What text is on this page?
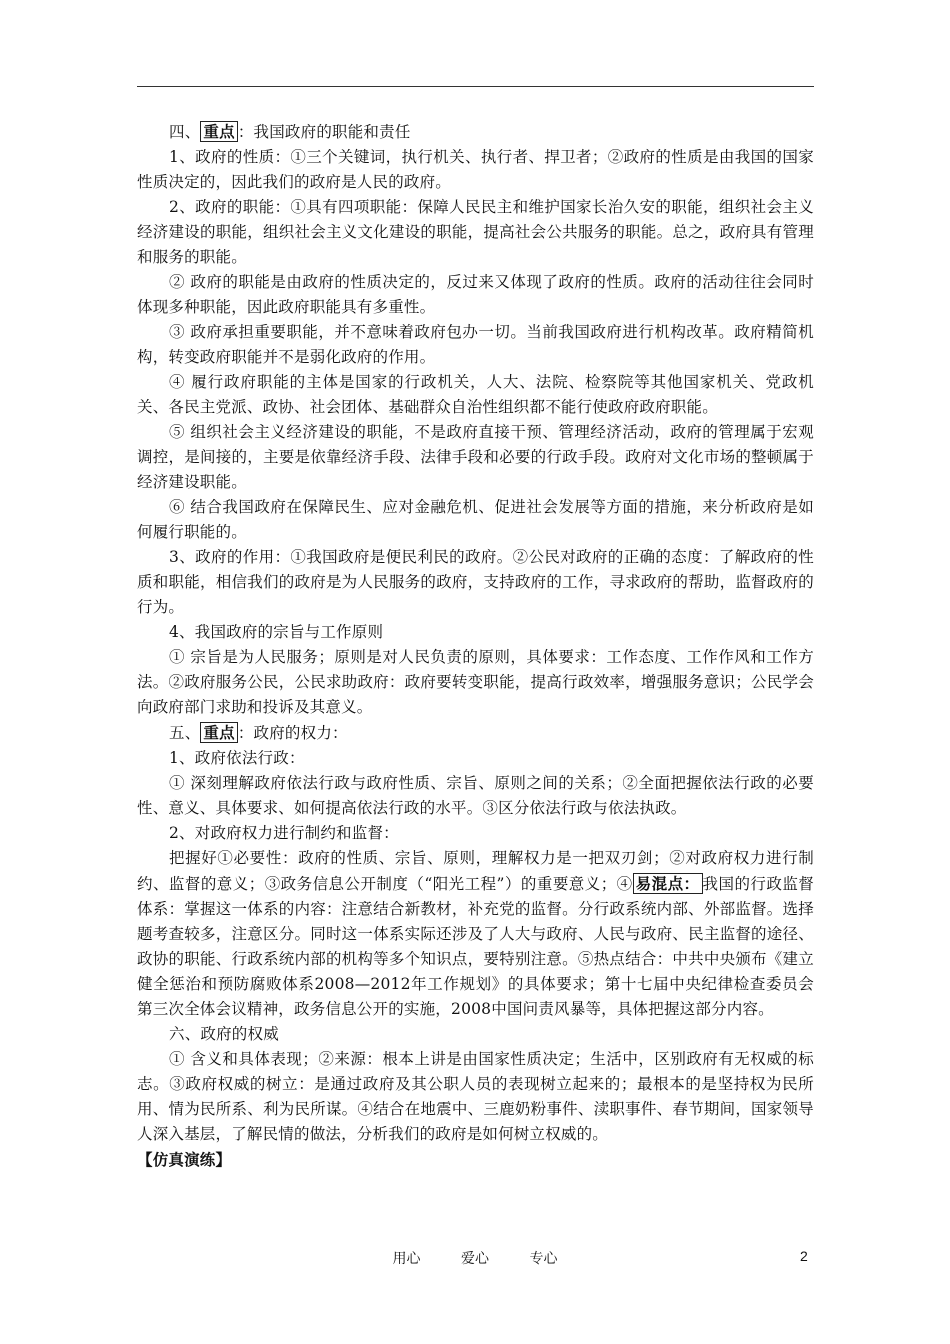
四、 重点 ：我国政府的职能和责任

1、政府的性质：①三个关键词，执行机关、执行者、捍卫者；②政府的性质是由我国的国家性质决定的，因此我们的政府是人民的政府。

2、政府的职能：①具有四项职能：保障人民民主和维护国家长治久安的职能，组织社会主义经济建设的职能，组织社会主义文化建设的职能，提高社会公共服务的职能。总之，政府具有管理和服务的职能。

② 政府的职能是由政府的性质决定的，反过来又体现了政府的性质。政府的活动往往会同时体现多种职能，因此政府职能具有多重性。

③ 政府承担重要职能，并不意味着政府包办一切。当前我国政府进行机构改革。政府精简机构，转变政府职能并不是弱化政府的作用。

④ 履行政府职能的主体是国家的行政机关，人大、法院、检察院等其他国家机关、党政机关、各民主党派、政协、社会团体、基础群众自治性组织都不能行使政府政府职能。

⑤ 组织社会主义经济建设的职能，不是政府直接干预、管理经济活动，政府的管理属于宏观调控，是间接的，主要是依靠经济手段、法律手段和必要的行政手段。政府对文化市场的整顿属于经济建设职能。

⑥ 结合我国政府在保障民生、应对金融危机、促进社会发展等方面的措施，来分析政府是如何履行职能的。

3、政府的作用：①我国政府是便民利民的政府。②公民对政府的正确的态度：了解政府的性质和职能，相信我们的政府是为人民服务的政府，支持政府的工作，寻求政府的帮助，监督政府的行为。

4、我国政府的宗旨与工作原则

① 宗旨是为人民服务；原则是对人民负责的原则，具体要求：工作态度、工作作风和工作方法。②政府服务公民，公民求助政府：政府要转变职能，提高行政效率，增强服务意识；公民学会向政府部门求助和投诉及其意义。

五、 重点 ：政府的权力：

1、政府依法行政：

① 深刻理解政府依法行政与政府性质、宗旨、原则之间的关系；②全面把握依法行政的必要性、意义、具体要求、如何提高依法行政的水平。③区分依法行政与依法执政。

2、对政府权力进行制约和监督：

把握好①必要性：政府的性质、宗旨、原则，理解权力是一把双刃剑；②对政府权力进行制约、监督的意义；③政务信息公开制度（“阳光工程”）的重要意义；④ 易混点： 我国的行政监督体系：掌握这一体系的内容：注意结合新教材，补充党的监督。分行政系统内部、外部监督。选择题考查较多，注意区分。同时这一体系实际还涉及了人大与政府、人民与政府、民主监督的途径、政协的职能、行政系统内部的机构等多个知识点，要特别注意。⑤热点结合：中共中央颁布《建立健全惩治和预防腐败体系2008—2012年工作规划》的具体要求；第十七届中央纪律检查委员会第三次全体会议精神，政务信息公开的实施，2008中国问责风暴等，具体把握这部分内容。

六、政府的权威

① 含义和具体表现；②来源：根本上讲是由国家性质决定；生活中，区别政府有无权威的标志。③政府权威的树立：是通过政府及其公职人员的表现树立起来的；最根本的是坚持权为民所用、情为民所系、利为民所谋。④结合在地震中、三鹿奶粉事件、渎职事件、春节期间，国家领导人深入基层，了解民情的做法，分析我们的政府是如何树立权威的。

【仿真演练】

用心	爱心	专心	2
